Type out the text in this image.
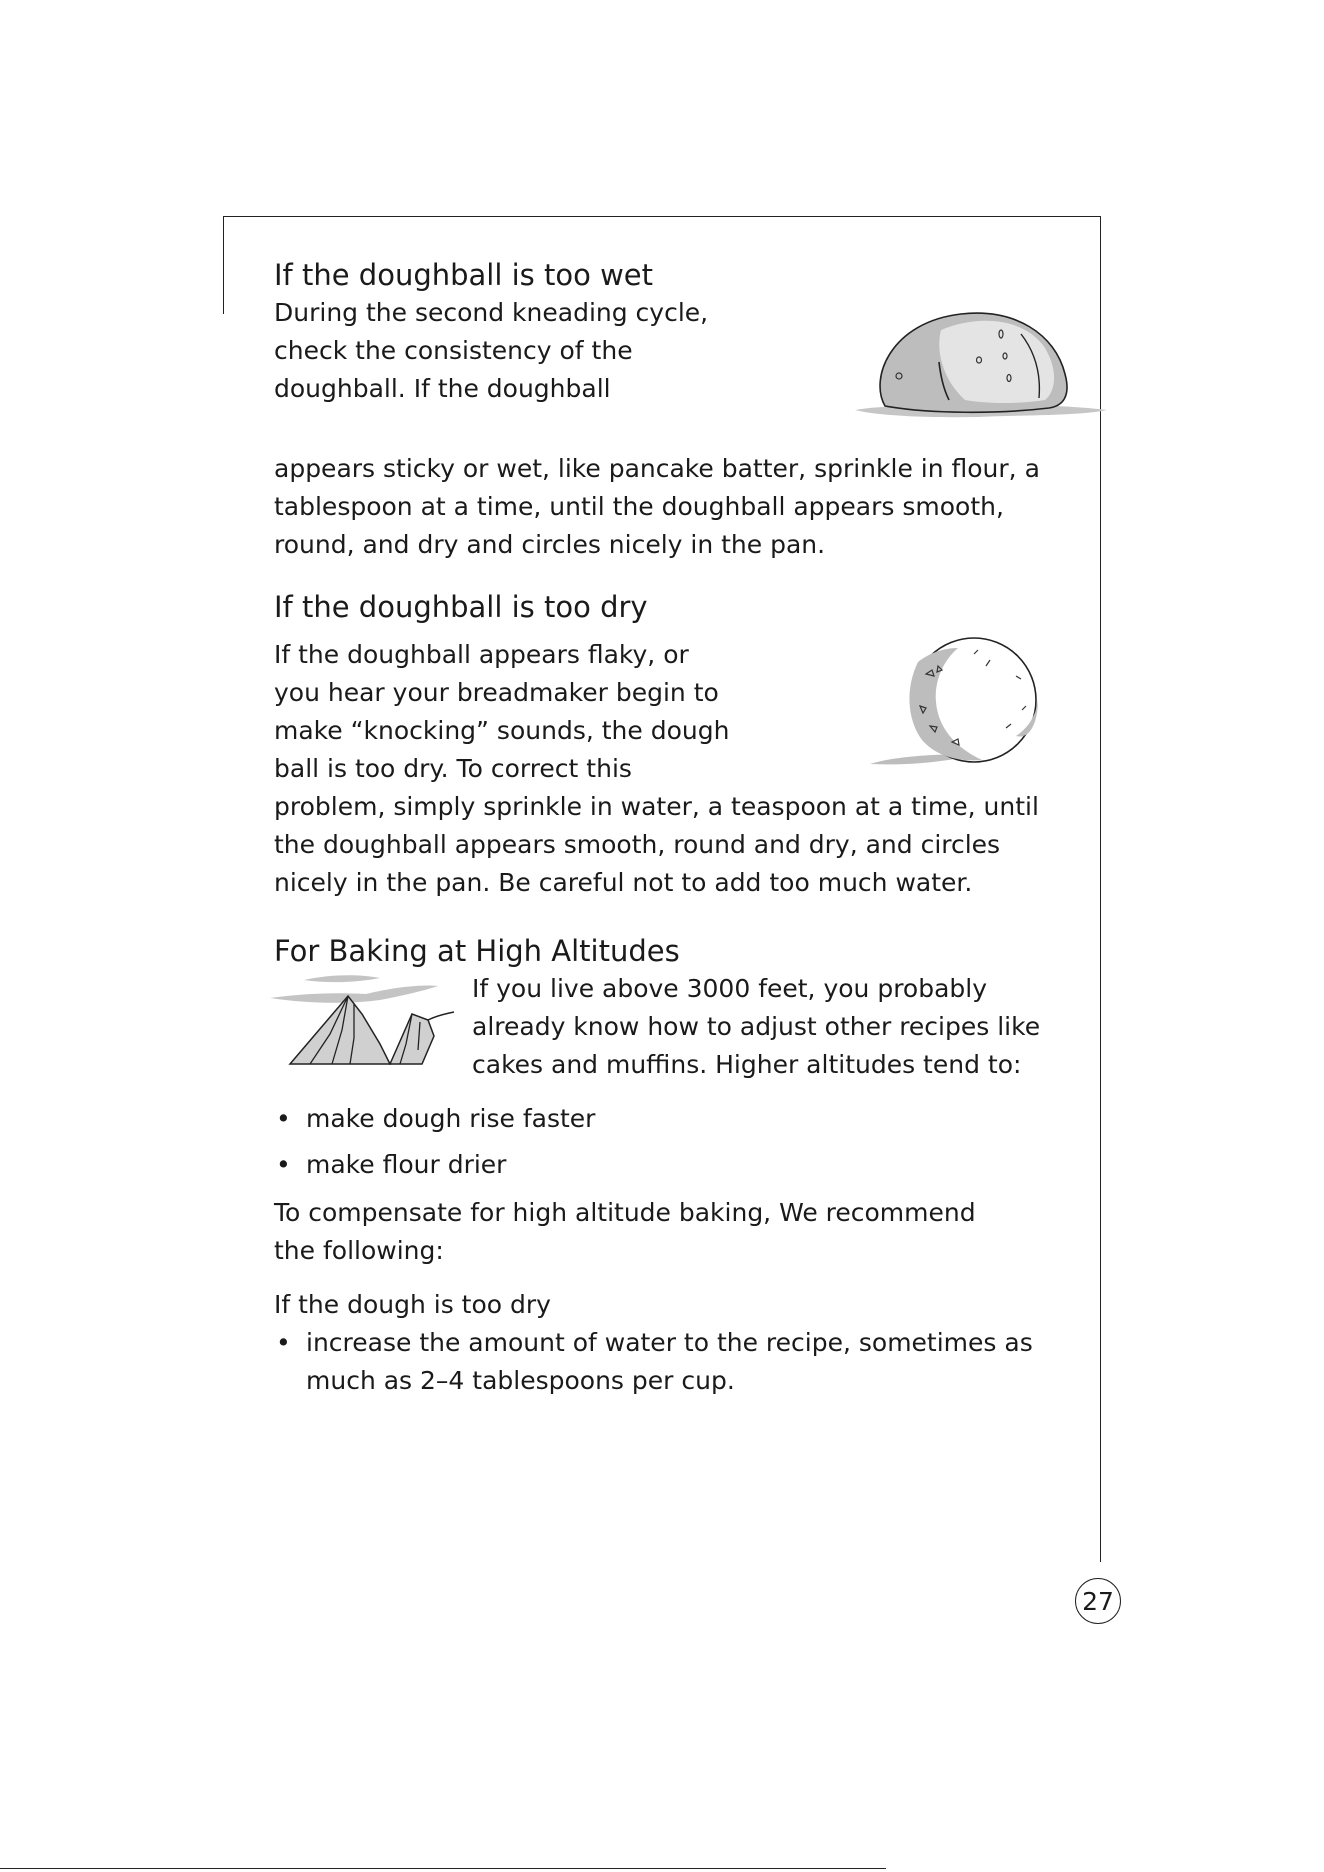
If the doughball is too wet

During the second kneading cycle,

check the consistency of the

doughball. If the doughball

appears sticky or wet, like pancake batter, sprinkle in flour, a

tablespoon at a time, until the doughball appears smooth,

round, and dry and circles nicely in the pan.

If the doughball is too dry

If the doughball appears flaky, or

you hear your breadmaker begin to

make “knocking” sounds, the dough

ball is too dry. To correct this

problem, simply sprinkle in water, a teaspoon at a time, until

the doughball appears smooth, round and dry, and circles

nicely in the pan. Be careful not to add too much water.

For Baking at High Altitudes

If you live above 3000 feet, you probably

already know how to adjust other recipes like

cakes and muffins. Higher altitudes tend to:

• make dough rise faster
• make flour drier

To compensate for high altitude baking, We recommend

the following:

If the dough is too dry

• increase the amount of water to the recipe, sometimes as
much as 2–4 tablespoons per cup.
27
